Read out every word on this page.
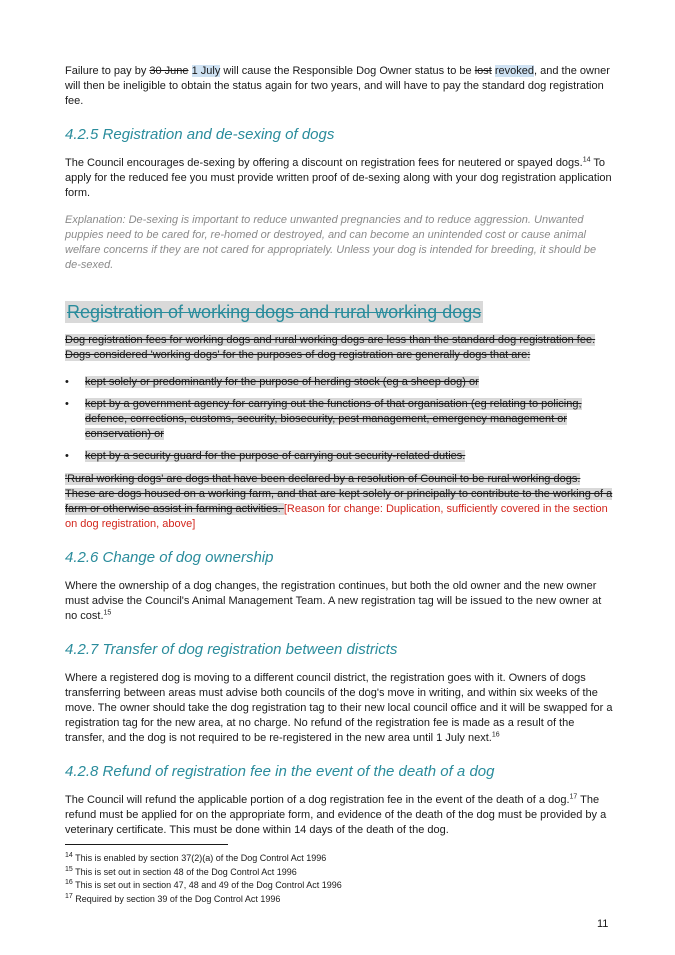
Failure to pay by 30 June 1 July will cause the Responsible Dog Owner status to be lost revoked, and the owner will then be ineligible to obtain the status again for two years, and will have to pay the standard dog registration fee.

4.2.5 Registration and de-sexing of dogs

The Council encourages de-sexing by offering a discount on registration fees for neutered or spayed dogs.$^{14}$ To apply for the reduced fee you must provide written proof of de-sexing along with your dog registration application form.

Explanation: De-sexing is important to reduce unwanted pregnancies and to reduce aggression. Unwanted puppies need to be cared for, re-homed or destroyed, and can become an unintended cost or cause animal welfare concerns if they are not cared for appropriately. Unless your dog is intended for breeding, it should be de-sexed.

Registration of working dogs and rural working dogs

Dog registration fees for working dogs and rural working dogs are less than the standard dog registration fee. Dogs considered 'working dogs' for the purposes of dog registration are generally dogs that are:

• kept solely or predominantly for the purpose of herding stock (eg a sheep dog) or
• kept by a government agency for carrying out the functions of that organisation (eg relating to policing, defence, corrections, customs, security, biosecurity, pest management, emergency management or conservation) or
• kept by a security guard for the purpose of carrying out security-related duties.

'Rural working dogs' are dogs that have been declared by a resolution of Council to be rural working dogs. These are dogs housed on a working farm, and that are kept solely or principally to contribute to the working of a farm or otherwise assist in farming activities. [Reason for change: Duplication, sufficiently covered in the section on dog registration, above]

4.2.6 Change of dog ownership

Where the ownership of a dog changes, the registration continues, but both the old owner and the new owner must advise the Council's Animal Management Team. A new registration tag will be issued to the new owner at no cost.$^{15}$

4.2.7 Transfer of dog registration between districts

Where a registered dog is moving to a different council district, the registration goes with it. Owners of dogs transferring between areas must advise both councils of the dog's move in writing, and within six weeks of the move. The owner should take the dog registration tag to their new local council office and it will be swapped for a registration tag for the new area, at no charge. No refund of the registration fee is made as a result of the transfer, and the dog is not required to be re-registered in the new area until 1 July next.$^{16}$

4.2.8 Refund of registration fee in the event of the death of a dog

The Council will refund the applicable portion of a dog registration fee in the event of the death of a dog.$^{17}$ The refund must be applied for on the appropriate form, and evidence of the death of the dog must be provided by a veterinary certificate. This must be done within 14 days of the death of the dog.

$^{14}$ This is enabled by section 37(2)(a) of the Dog Control Act 1996

$^{15}$ This is set out in section 48 of the Dog Control Act 1996

$^{16}$ This is set out in section 47, 48 and 49 of the Dog Control Act 1996

$^{17}$ Required by section 39 of the Dog Control Act 1996

11
